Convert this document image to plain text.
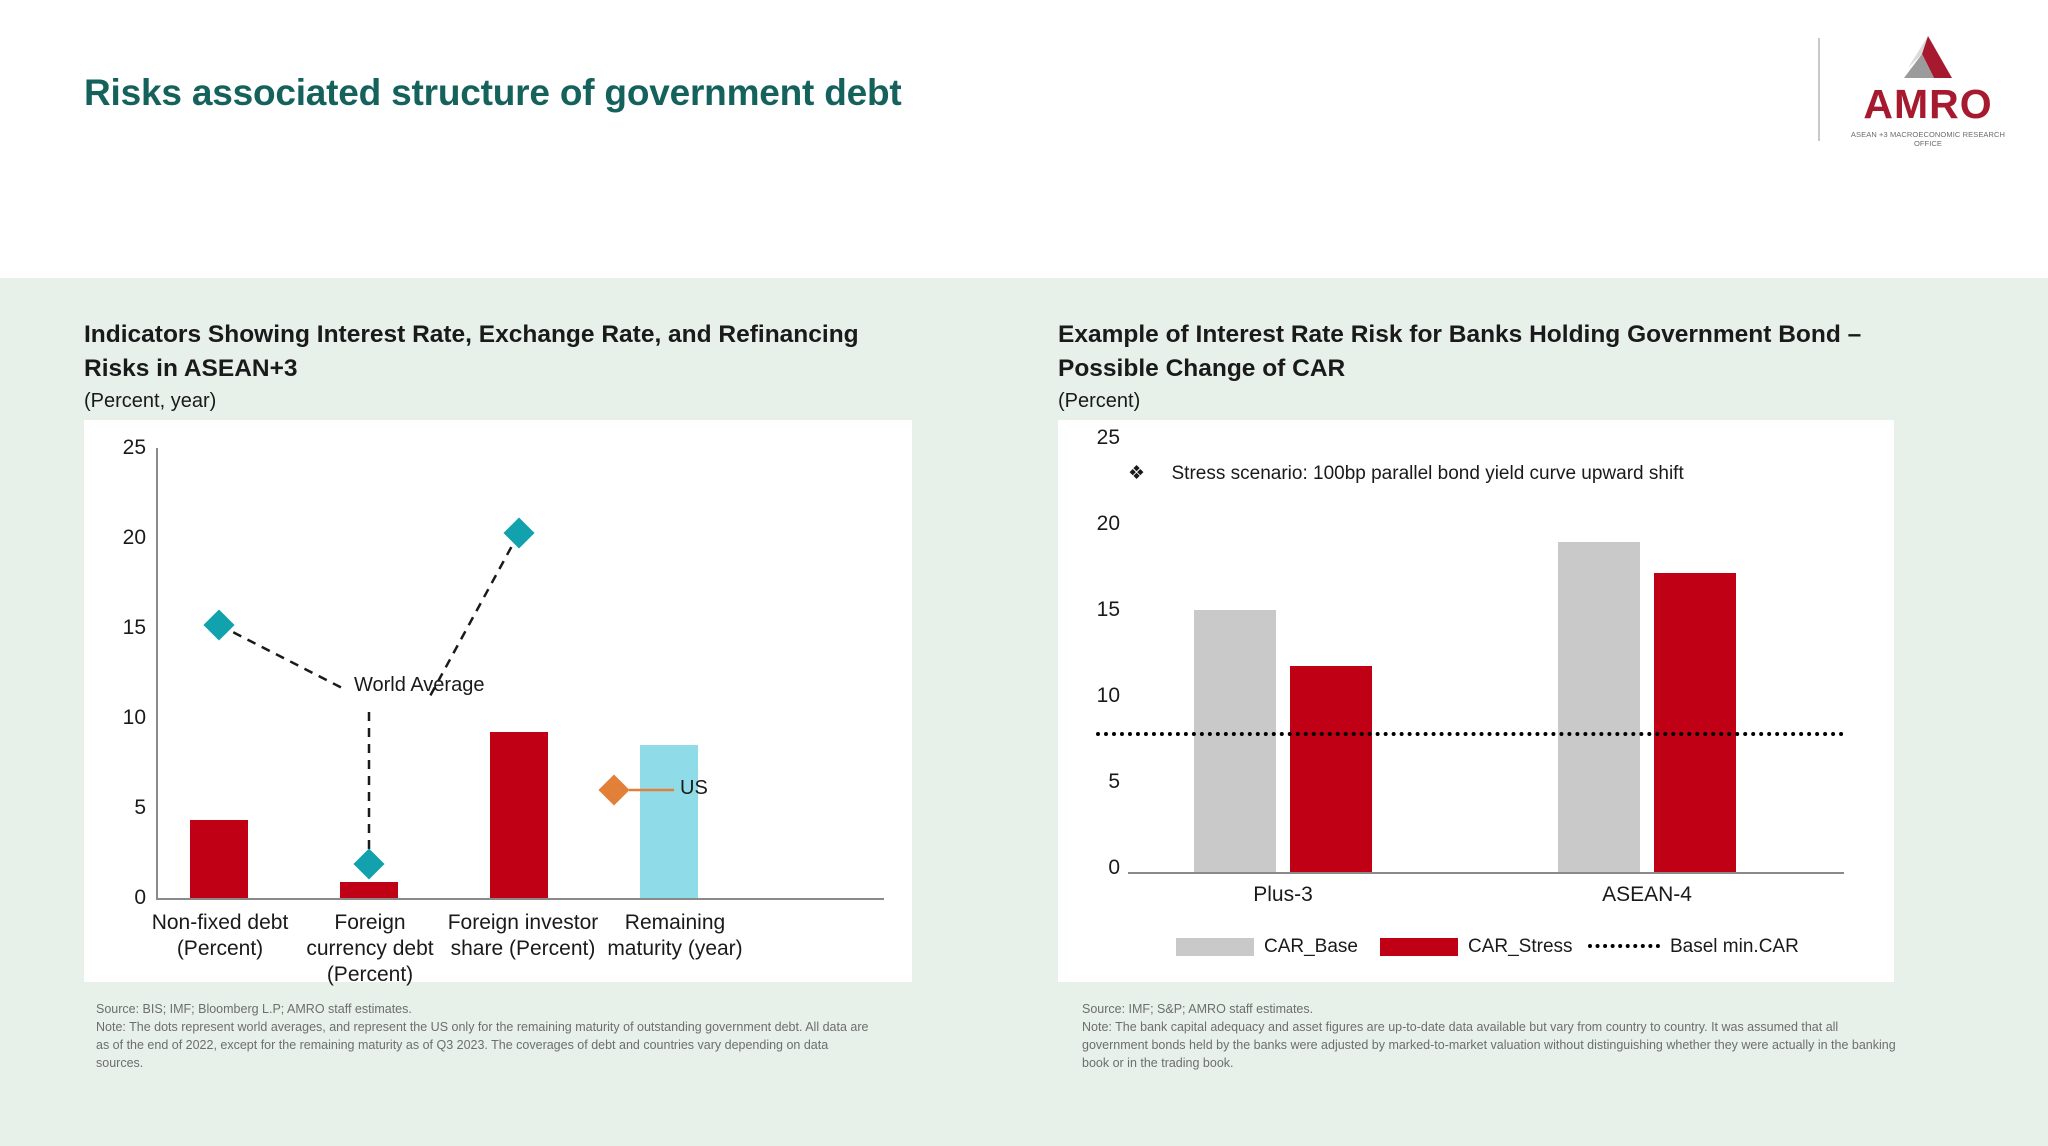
Risks associated structure of government debt	AMRO
ASEAN +3 MACROECONOMIC RESEARCH OFFICE
Indicators Showing Interest Rate, Exchange Rate, and Refinancing Risks in ASEAN+3
(Percent, year)
25
20
15
10
5
0
World Average
US
Non-fixed debt
(Percent)
Foreign
currency debt
(Percent)
Foreign investor
share (Percent)
Remaining
maturity (year)
Source: BIS; IMF; Bloomberg L.P; AMRO staff estimates.
Note: The dots represent world averages, and represent the US only for the remaining maturity of outstanding government debt. All data are as of the end of 2022, except for the remaining maturity as of Q3 2023. The coverages of debt and countries vary depending on data sources.
Example of Interest Rate Risk for Banks Holding Government Bond – Possible Change of CAR
(Percent)
25
20
15
10
5
0
❖ Stress scenario: 100bp parallel bond yield curve upward shift
Plus-3	ASEAN-4
CAR_Base	CAR_Stress	Basel min.CAR
Source: IMF; S&P; AMRO staff estimates.
Note: The bank capital adequacy and asset figures are up-to-date data available but vary from country to country. It was assumed that all government bonds held by the banks were adjusted by marked-to-market valuation without distinguishing whether they were actually in the banking book or in the trading book.
